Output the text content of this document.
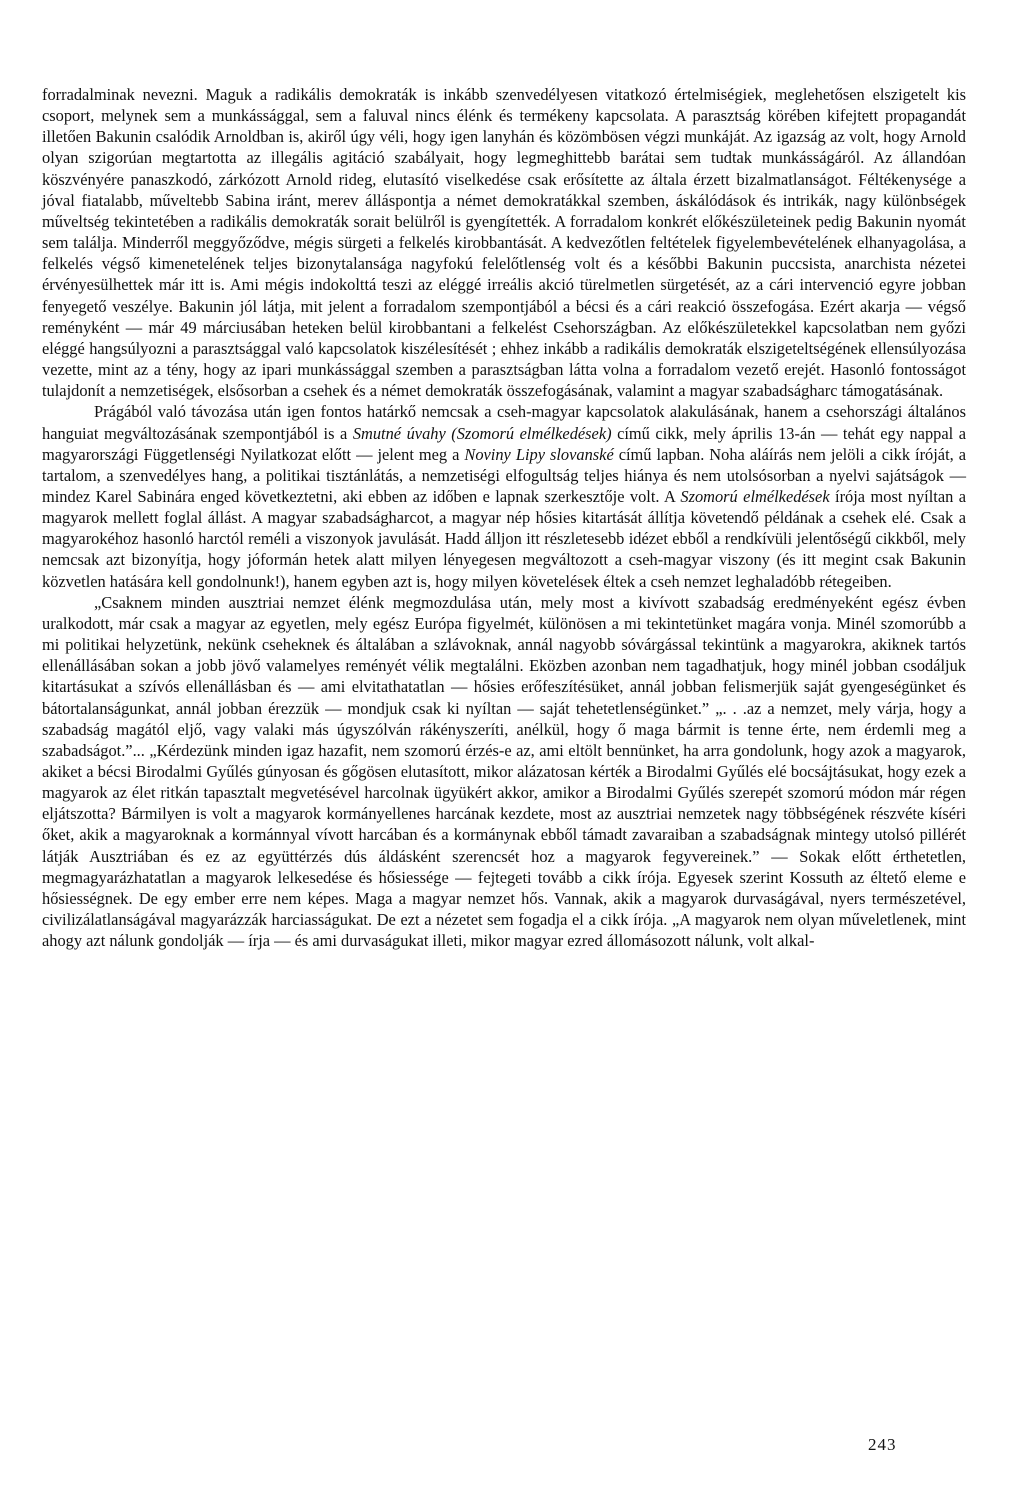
forradalminak nevezni. Maguk a radikális demokraták is inkább szenvedélyesen vitatkozó értelmiségiek, meglehetősen elszigetelt kis csoport, melynek sem a munkássággal, sem a faluval nincs élénk és termékeny kapcsolata. A parasztság körében kifejtett propagandát illetően Bakunin csalódik Arnoldban is, akiről úgy véli, hogy igen lanyhán és közömbösen végzi munkáját. Az igazság az volt, hogy Arnold olyan szigorúan megtartotta az illegális agitáció szabályait, hogy legmeghittebb barátai sem tudtak munkásságáról. Az állandóan köszvényére panaszkodó, zárkózott Arnold rideg, elutasító viselkedése csak erősítette az általa érzett bizalmatlanságot. Féltékenysége a jóval fiatalabb, műveltebb Sabina iránt, merev álláspontja a német demokratákkal szemben, áskálódások és intrikák, nagy különbségek műveltség tekintetében a radikális demokraták sorait belülről is gyengítették. A forradalom konkrét előkészületeinek pedig Bakunin nyomát sem találja. Minderről meggyőződve, mégis sürgeti a felkelés kirobbantását. A kedvezőtlen feltételek figyelembevételének elhanyagolása, a felkelés végső kimenetelének teljes bizonytalansága nagyfokú felelőtlenség volt és a későbbi Bakunin puccsista, anarchista nézetei érvényesülhettek már itt is. Ami mégis indokolttá teszi az eléggé irreális akció türelmetlen sürgetését, az a cári intervenció egyre jobban fenyegető veszélye. Bakunin jól látja, mit jelent a forradalom szempontjából a bécsi és a cári reakció összefogása. Ezért akarja — végső reményként — már 49 márciusában heteken belül kirobbantani a felkelést Csehországban. Az előkészületekkel kapcsolatban nem győzi eléggé hangsúlyozni a parasztsággal való kapcsolatok kiszélesítését ; ehhez inkább a radikális demokraták elszigeteltségének ellensúlyozása vezette, mint az a tény, hogy az ipari munkássággal szemben a parasztságban látta volna a forradalom vezető erejét. Hasonló fontosságot tulajdonít a nemzetiségek, elsősorban a csehek és a német demokraták összefogásának, valamint a magyar szabadságharc támogatásának.

Prágából való távozása után igen fontos határkő nemcsak a cseh-magyar kapcsolatok alakulásának, hanem a csehországi általános hanguiat megváltozásának szempontjából is a Smutné úvahy (Szomorú elmélkedések) című cikk, mely április 13-án — tehát egy nappal a magyarországi Függetlenségi Nyilatkozat előtt — jelent meg a Noviny Lipy slovanské című lapban. Noha aláírás nem jelöli a cikk íróját, a tartalom, a szenvedélyes hang, a politikai tisztánlátás, a nemzetiségi elfogultság teljes hiánya és nem utolsósorban a nyelvi sajátságok — mindez Karel Sabinára enged következtetni, aki ebben az időben e lapnak szerkesztője volt. A Szomorú elmélkedések írója most nyíltan a magyarok mellett foglal állást. A magyar szabadságharcot, a magyar nép hősies kitartását állítja követendő példának a csehek elé. Csak a magyarokéhoz hasonló harctól reméli a viszonyok javulását. Hadd álljon itt részletesebb idézet ebből a rendkívüli jelentőségű cikkből, mely nemcsak azt bizonyítja, hogy jóformán hetek alatt milyen lényegesen megváltozott a cseh-magyar viszony (és itt megint csak Bakunin közvetlen hatására kell gondolnunk!), hanem egyben azt is, hogy milyen követelések éltek a cseh nemzet leghaladóbb rétegeiben.

„Csaknem minden ausztriai nemzet élénk megmozdulása után, mely most a kivívott szabadság eredményeként egész évben uralkodott, már csak a magyar az egyetlen, mely egész Európa figyelmét, különösen a mi tekintetünket magára vonja. Minél szomorúbb a mi politikai helyzetünk, nekünk cseheknek és általában a szlávoknak, annál nagyobb sóvárgással tekintünk a magyarokra, akiknek tartós ellenállásában sokan a jobb jövő valamelyes reményét vélik megtalálni. Eközben azonban nem tagadhatjuk, hogy minél jobban csodáljuk kitartásukat a szívós ellenállásban és — ami elvitathatatlan — hősies erőfeszítésüket, annál jobban felismerjük saját gyengeségünket és bátortalanságunkat, annál jobban érezzük — mondjuk csak ki nyíltan — saját tehetetlenségünket.” „. . .az a nemzet, mely várja, hogy a szabadság magától eljő, vagy valaki más úgyszólván rákényszeríti, anélkül, hogy ő maga bármit is tenne érte, nem érdemli meg a szabadságot.”... „Kérdezünk minden igaz hazafit, nem szomorú érzés-e az, ami eltölt bennünket, ha arra gondolunk, hogy azok a magyarok, akiket a bécsi Birodalmi Gyűlés gúnyosan és gőgösen elutasított, mikor alázatosan kérték a Birodalmi Gyűlés elé bocsájtásukat, hogy ezek a magyarok az élet ritkán tapasztalt megvetésével harcolnak ügyükért akkor, amikor a Birodalmi Gyűlés szerepét szomorú módon már régen eljátszotta? Bármilyen is volt a magyarok kormányellenes harcának kezdete, most az ausztriai nemzetek nagy többségének részvéte kíséri őket, akik a magyaroknak a kormánnyal vívott harcában és a kormánynak ebből támadt zavaraiban a szabadságnak mintegy utolsó pillérét látják Ausztriában és ez az együttérzés dús áldásként szerencsét hoz a magyarok fegyvereinek.” — Sokak előtt érthetetlen, megmagyarázhatatlan a magyarok lelkesedése és hősiessége — fejtegeti tovább a cikk írója. Egyesek szerint Kossuth az éltető eleme e hősiességnek. De egy ember erre nem képes. Maga a magyar nemzet hős. Vannak, akik a magyarok durvaságával, nyers természetével, civilizálatlanságával magyarázzák harciasságukat. De ezt a nézetet sem fogadja el a cikk írója. „A magyarok nem olyan műveletlenek, mint ahogy azt nálunk gondolják — írja — és ami durvaságukat illeti, mikor magyar ezred állomásozott nálunk, volt alkal-

243
